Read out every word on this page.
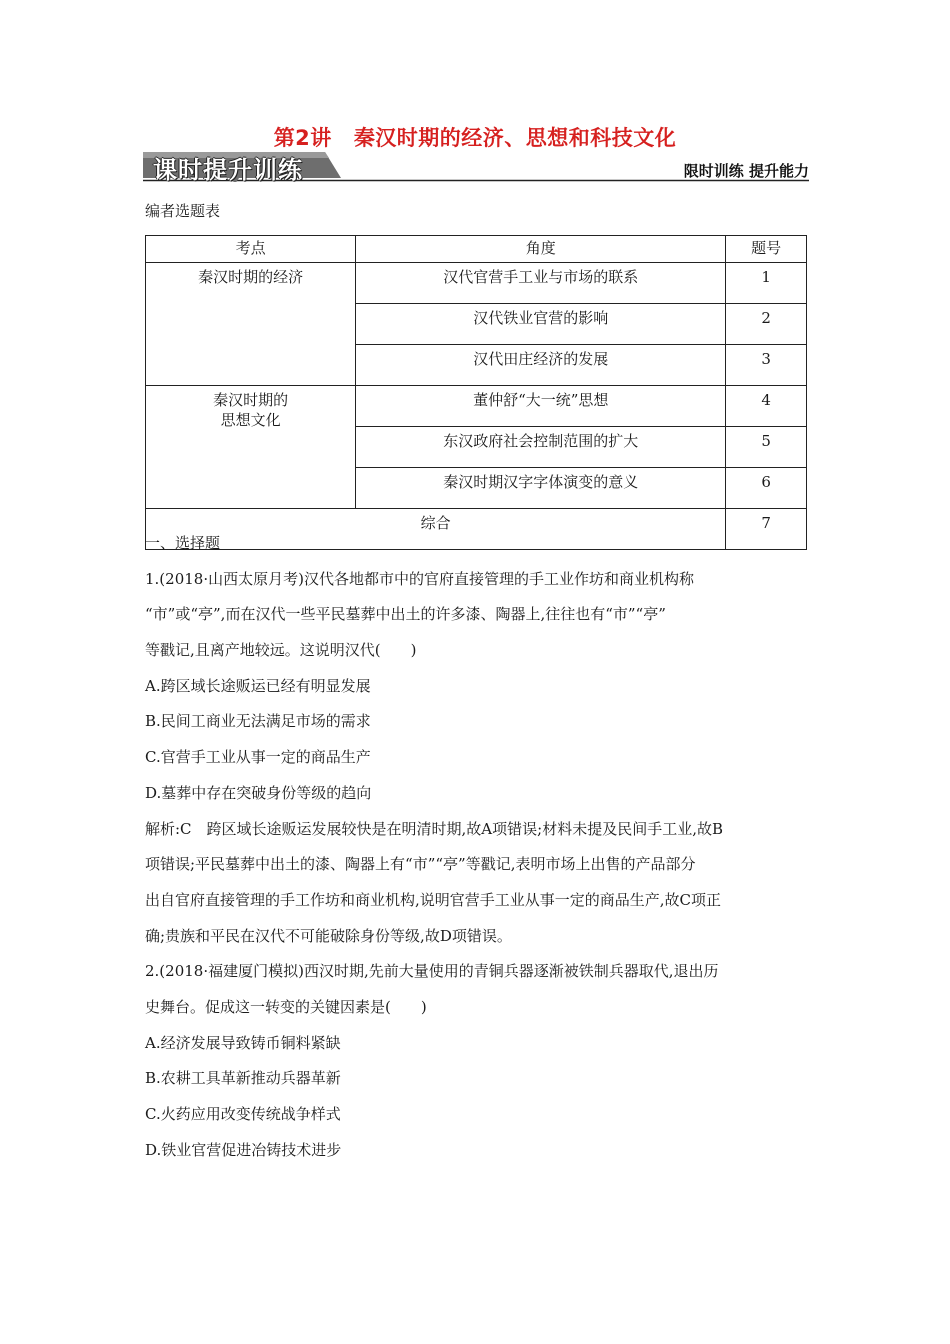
第2讲 秦汉时期的经济、思想和科技文化
课时提升训练	限时训练 提升能力
编者选题表
考点	角度	题号
秦汉时期的经济	汉代官营手工业与市场的联系	1
	汉代铁业官营的影响	2
	汉代田庄经济的发展	3

秦汉时期的
思想文化	董仲舒“大一统”思想	4
	东汉政府社会控制范围的扩大	5
	秦汉时期汉字字体演变的意义	6
综合		7
一、选择题
1.(2018·山西太原月考)汉代各地都市中的官府直接管理的手工业作坊和商业机构称
“市”或“亭”,而在汉代一些平民墓葬中出土的许多漆、陶器上,往往也有“市”“亭”
等戳记,且离产地较远。这说明汉代(　　)
A.跨区域长途贩运已经有明显发展
B.民间工商业无法满足市场的需求
C.官营手工业从事一定的商品生产
D.墓葬中存在突破身份等级的趋向
解析:C　跨区域长途贩运发展较快是在明清时期,故A项错误;材料未提及民间手工业,故B
项错误;平民墓葬中出土的漆、陶器上有“市”“亭”等戳记,表明市场上出售的产品部分
出自官府直接管理的手工作坊和商业机构,说明官营手工业从事一定的商品生产,故C项正
确;贵族和平民在汉代不可能破除身份等级,故D项错误。
2.(2018·福建厦门模拟)西汉时期,先前大量使用的青铜兵器逐渐被铁制兵器取代,退出历
史舞台。促成这一转变的关键因素是(　　)
A.经济发展导致铸币铜料紧缺
B.农耕工具革新推动兵器革新
C.火药应用改变传统战争样式
D.铁业官营促进冶铸技术进步
